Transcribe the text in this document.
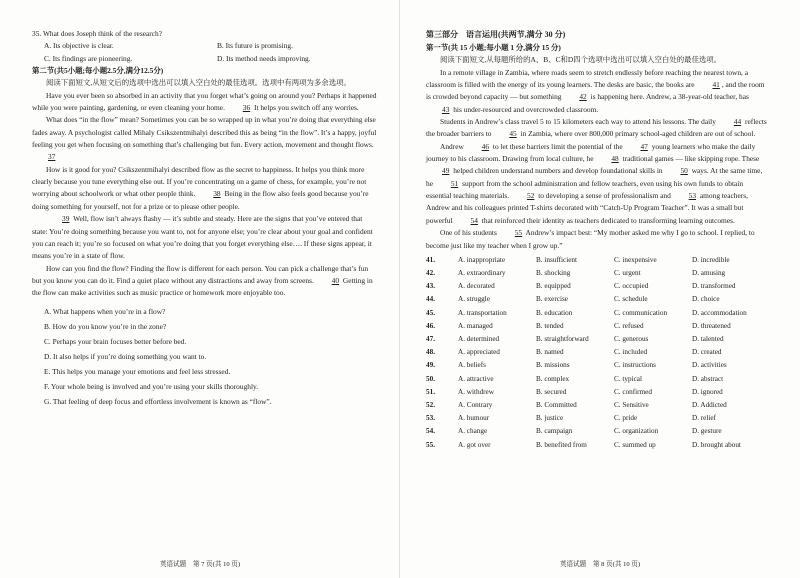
35. What does Joseph think of the research?

A. Its objective is clear.	B. Its future is promising.
C. Its findings are pioneering.	D. Its method needs improving.

第二节(共5小题;每小题2.5分,满分12.5分)

阅读下面短文,从短文后的选项中选出可以填入空白处的最佳选项。选项中有两项为多余选项。

Have you ever been so absorbed in an activity that you forget what’s going on around you? Perhaps it happened while you were painting, gardening, or even cleaning your home. 36 It helps you switch off any worries.

What does “in the flow” mean? Sometimes you can be so wrapped up in what you’re doing that everything else fades away. A psychologist called Mihaly Csikszentmihalyi described this as being “in the flow”. It’s a happy, joyful feeling you get when focusing on something that’s challenging but fun. Every action, movement and thought flows. 37

How is it good for you? Csikszentmihalyi described flow as the secret to happiness. It helps you think more clearly because you tune everything else out. If you’re concentrating on a game of chess, for example, you’re not worrying about schoolwork or what other people think. 38 Being in the flow also feels good because you’re doing something for yourself, not for a prize or to please other people.

39 Well, flow isn’t always flashy — it’s subtle and steady. Here are the signs that you’ve entered that state: You’re doing something because you want to, not for anyone else; you’re clear about your goal and confident you can reach it; you’re so focused on what you’re doing that you forget everything else…. If these signs appear, it means you’re in a state of flow.

How can you find the flow? Finding the flow is different for each person. You can pick a challenge that’s fun but you know you can do it. Find a quiet place without any distractions and away from screens. 40 Getting in the flow can make activities such as music practice or homework more enjoyable too.

A. What happens when you’re in a flow?

B. How do you know you’re in the zone?

C. Perhaps your brain focuses better before bed.

D. It also helps if you’re doing something you want to.

E. This helps you manage your emotions and feel less stressed.

F. Your whole being is involved and you’re using your skills thoroughly.

G. That feeling of deep focus and effortless involvement is known as “flow”.

英语试题　第 7 页(共 10 页)

第三部分　语言运用(共两节,满分 30 分)

第一节(共 15 小题;每小题 1 分,满分 15 分)

阅读下面短文,从每题所给的A、B、C和D四个选项中选出可以填入空白处的最佳选项。

In a remote village in Zambia, where roads seem to stretch endlessly before reaching the nearest town, a classroom is filled with the energy of its young learners. The desks are basic, the books are 41 , and the room is crowded beyond capacity — but something 42 is happening here. Andrew, a 38-year-old teacher, has 43 his under-resourced and overcrowded classroom.

Students in Andrew’s class travel 5 to 15 kilometers each way to attend his lessons. The daily 44 reflects the broader barriers to 45 in Zambia, where over 800,000 primary school-aged children are out of school.

Andrew 46 to let these barriers limit the potential of the 47 young learners who make the daily journey to his classroom. Drawing from local culture, he 48 traditional games — like skipping rope. These 49 helped children understand numbers and develop foundational skills in 50 ways. At the same time, he 51 support from the school administration and fellow teachers, even using his own funds to obtain essential teaching materials. 52 to developing a sense of professionalism and 53 among teachers, Andrew and his colleagues printed T-shirts decorated with “Catch-Up Program Teacher”. It was a small but powerful 54 that reinforced their identity as teachers dedicated to transforming learning outcomes.

One of his students 55 Andrew’s impact best: “My mother asked me why I go to school. I replied, to become just like my teacher when I grow up.”

41.	A. inappropriate	B. insufficient	C. inexpensive	D. incredible
42.	A. extraordinary	B. shocking	C. urgent	D. amusing
43.	A. decorated	B. equipped	C. occupied	D. transformed
44.	A. struggle	B. exercise	C. schedule	D. choice
45.	A. transportation	B. education	C. communication	D. accommodation
46.	A. managed	B. tended	C. refused	D. threatened
47.	A. determined	B. straightforward	C. generous	D. talented
48.	A. appreciated	B. named	C. included	D. created
49.	A. beliefs	B. missions	C. instructions	D. activities
50.	A. attractive	B. complex	C. typical	D. abstract
51.	A. withdrew	B. secured	C. confirmed	D. ignored
52.	A. Contrary	B. Committed	C. Sensitive	D. Addicted
53.	A. humour	B. justice	C. pride	D. relief
54.	A. change	B. campaign	C. organization	D. gesture
55.	A. got over	B. benefited from	C. summed up	D. brought about
英语试题　第 8 页(共 10 页)
